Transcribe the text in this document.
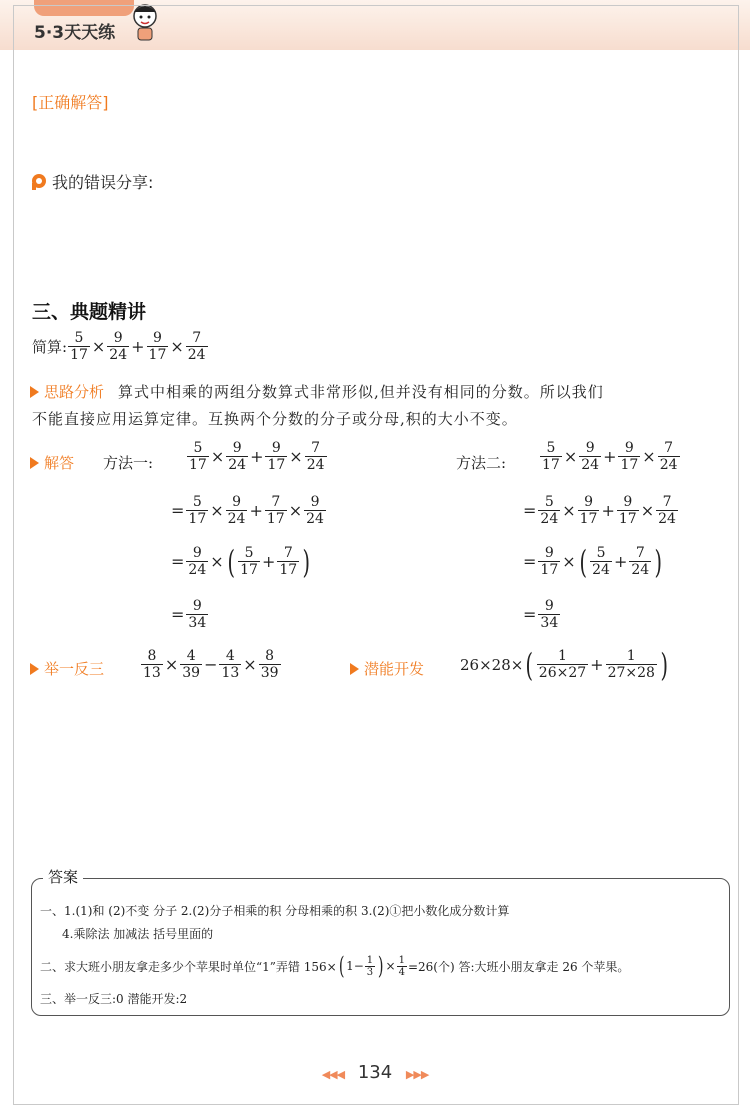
5·3天天练
[正确解答]
我的错误分享:
三、典题精讲
简算: $\frac{5}{17} \times \frac{9}{24} + \frac{9}{17} \times \frac{7}{24}$
思路分析 算式中相乘的两组分数算式非常形似,但并没有相同的分数。所以我们
不能直接应用运算定律。互换两个分数的分子或分母,积的大小不变。
解答 方法一: $\frac{5}{17} \times \frac{9}{24} + \frac{9}{17} \times \frac{7}{24}$
= $\frac{5}{17} \times \frac{9}{24} + \frac{7}{17} \times \frac{9}{24}$
= $\frac{9}{24}$ × ( $\frac{5}{17} + \frac{7}{17}$ )
= $\frac{9}{34}$
方法二: $\frac{5}{17} \times \frac{9}{24} + \frac{9}{17} \times \frac{7}{24}$
= $\frac{5}{24} \times \frac{9}{17} + \frac{9}{17} \times \frac{7}{24}$
= $\frac{9}{17}$ × ( $\frac{5}{24} + \frac{7}{24}$ )
= $\frac{9}{34}$
举一反三	$\frac{8}{13} \times \frac{4}{39} - \frac{4}{13} \times \frac{8}{39}$	潜能开发 26×28× ( $\frac{1}{26\times 27} + \frac{1}{27\times 28}$ )
答案
一、1.(1)和 (2)不变 分子 2.(2)分子相乘的积 分母相乘的积 3.(2)①把小数化成分数计算
4.乘除法 加减法 括号里面的
二、求大班小朋友拿走多少个苹果时单位“1”弄错 156× ( $1- \frac{1}{3}$ ) × $\frac{1}{4} =26$(个) 答:大班小朋友拿走 26 个苹果。
三、举一反三:0 潜能开发:2
◀◀◀ 134 ▶▶▶
